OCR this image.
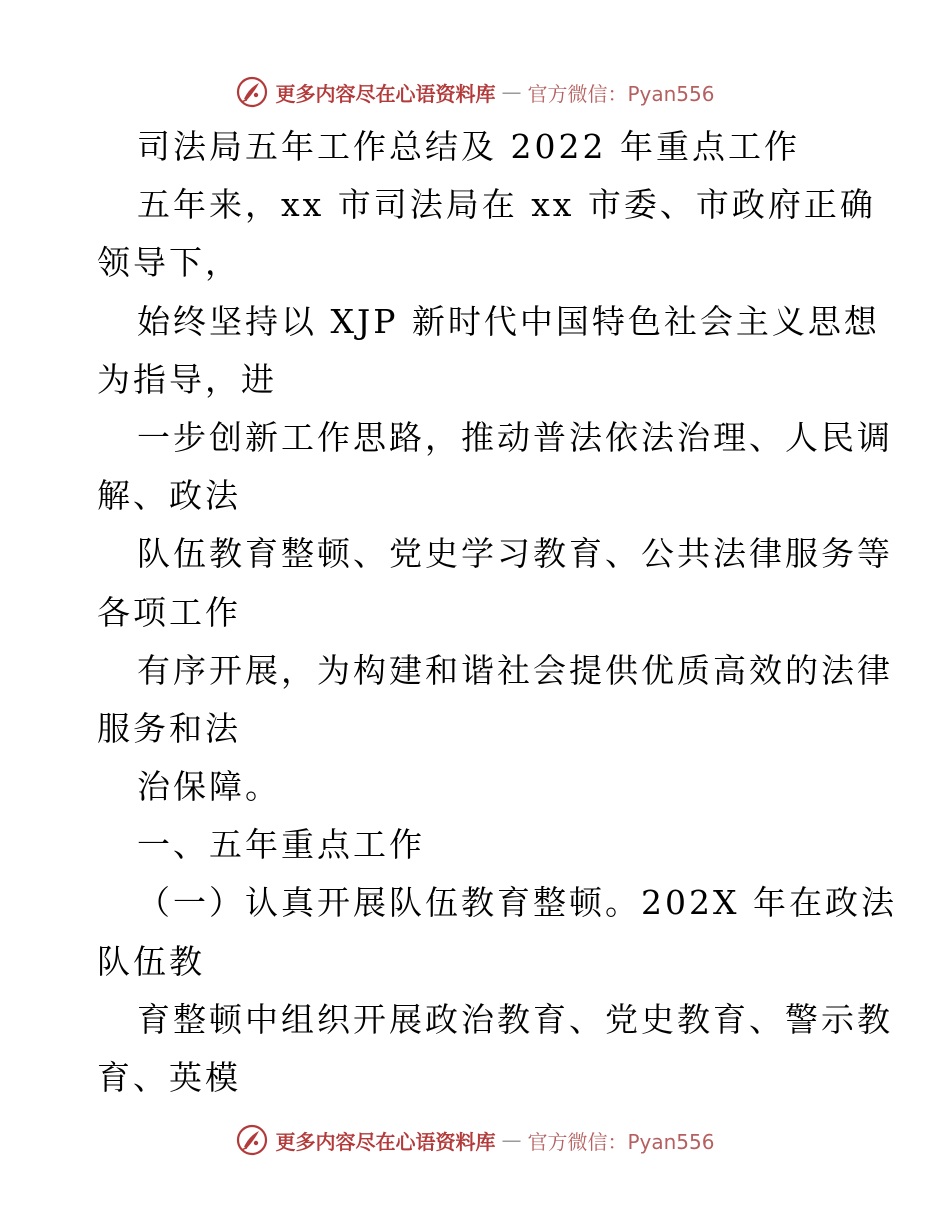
更多内容尽在心语资料库 — 官方微信：Pyan556
司法局五年工作总结及 2022 年重点工作
五年来，xx 市司法局在 xx 市委、市政府正确
领导下，
始终坚持以 XJP 新时代中国特色社会主义思想
为指导，进
一步创新工作思路，推动普法依法治理、人民调
解、政法
队伍教育整顿、党史学习教育、公共法律服务等
各项工作
有序开展，为构建和谐社会提供优质高效的法律
服务和法
治保障。
一、五年重点工作
（一）认真开展队伍教育整顿。202X 年在政法
队伍教
育整顿中组织开展政治教育、党史教育、警示教
育、英模
更多内容尽在心语资料库 — 官方微信：Pyan556
